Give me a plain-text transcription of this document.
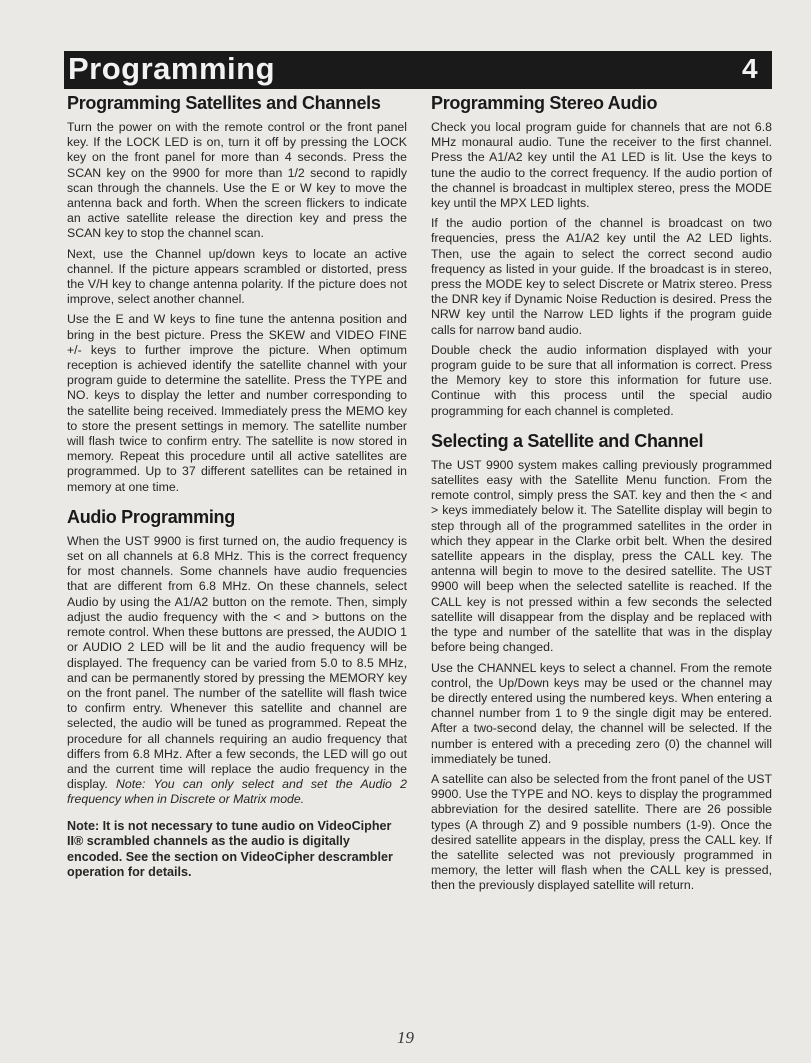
Programming	4
Programming Satellites and Channels

Turn the power on with the remote control or the front panel key. If the LOCK LED is on, turn it off by pressing the LOCK key on the front panel for more than 4 seconds. Press the SCAN key on the 9900 for more than 1/2 second to rapidly scan through the channels. Use the E or W key to move the antenna back and forth. When the screen flickers to indicate an active satellite release the direction key and press the SCAN key to stop the channel scan.

Next, use the Channel up/down keys to locate an active channel. If the picture appears scrambled or distorted, press the V/H key to change antenna polarity. If the picture does not improve, select another channel.

Use the E and W keys to fine tune the antenna position and bring in the best picture. Press the SKEW and VIDEO FINE +/- keys to further improve the picture. When optimum reception is achieved identify the satellite channel with your program guide to determine the satellite. Press the TYPE and NO. keys to display the letter and number corresponding to the satellite being received. Immediately press the MEMO key to store the present settings in memory. The satellite number will flash twice to confirm entry. The satellite is now stored in memory. Repeat this procedure until all active satellites are programmed. Up to 37 different satellites can be retained in memory at one time.

Audio Programming

When the UST 9900 is first turned on, the audio frequency is set on all channels at 6.8 MHz. This is the correct frequency for most channels. Some channels have audio frequencies that are different from 6.8 MHz. On these channels, select Audio by using the A1/A2 button on the remote. Then, simply adjust the audio frequency with the < and > buttons on the remote control. When these buttons are pressed, the AUDIO 1 or AUDIO 2 LED will be lit and the audio frequency will be displayed. The frequency can be varied from 5.0 to 8.5 MHz, and can be permanently stored by pressing the MEMORY key on the front panel. The number of the satellite will flash twice to confirm entry. Whenever this satellite and channel are selected, the audio will be tuned as programmed. Repeat the procedure for all channels requiring an audio frequency that differs from 6.8 MHz. After a few seconds, the LED will go out and the current time will replace the audio frequency in the display. Note: You can only select and set the Audio 2 frequency when in Discrete or Matrix mode.

Note: It is not necessary to tune audio on VideoCipher II® scrambled channels as the audio is digitally encoded. See the section on VideoCipher descrambler operation for details.

Programming Stereo Audio

Check you local program guide for channels that are not 6.8 MHz monaural audio. Tune the receiver to the first channel. Press the A1/A2 key until the A1 LED is lit. Use the keys to tune the audio to the correct frequency. If the audio portion of the channel is broadcast in multiplex stereo, press the MODE key until the MPX LED lights.

If the audio portion of the channel is broadcast on two frequencies, press the A1/A2 key until the A2 LED lights. Then, use the again to select the correct second audio frequency as listed in your guide. If the broadcast is in stereo, press the MODE key to select Discrete or Matrix stereo. Press the DNR key if Dynamic Noise Reduction is desired. Press the NRW key until the Narrow LED lights if the program guide calls for narrow band audio.

Double check the audio information displayed with your program guide to be sure that all information is correct. Press the Memory key to store this information for future use. Continue with this process until the special audio programming for each channel is completed.

Selecting a Satellite and Channel

The UST 9900 system makes calling previously programmed satellites easy with the Satellite Menu function. From the remote control, simply press the SAT. key and then the < and > keys immediately below it. The Satellite display will begin to step through all of the programmed satellites in the order in which they appear in the Clarke orbit belt. When the desired satellite appears in the display, press the CALL key. The antenna will begin to move to the desired satellite. The UST 9900 will beep when the selected satellite is reached. If the CALL key is not pressed within a few seconds the selected satellite will disappear from the display and be replaced with the type and number of the satellite that was in the display before being changed.

Use the CHANNEL keys to select a channel. From the remote control, the Up/Down keys may be used or the channel may be directly entered using the numbered keys. When entering a channel number from 1 to 9 the single digit may be entered. After a two-second delay, the channel will be selected. If the number is entered with a preceding zero (0) the channel will immediately be tuned.

A satellite can also be selected from the front panel of the UST 9900. Use the TYPE and NO. keys to display the programmed abbreviation for the desired satellite. There are 26 possible types (A through Z) and 9 possible numbers (1-9). Once the desired satellite appears in the display, press the CALL key. If the satellite selected was not previously programmed in memory, the letter will flash when the CALL key is pressed, then the previously displayed satellite will return.

19
